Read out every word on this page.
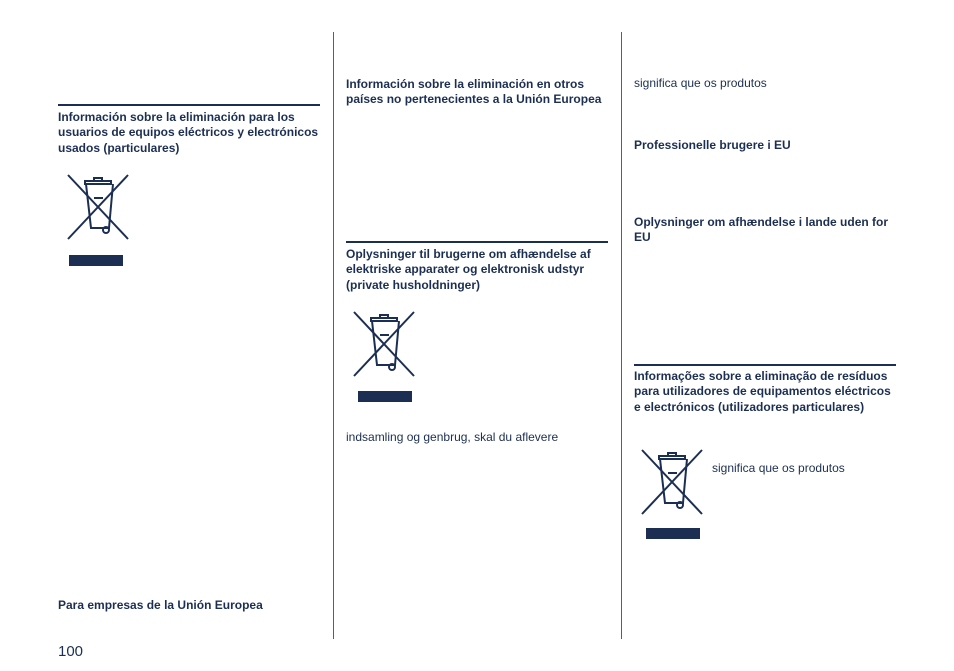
Información sobre la eliminación para los usuarios de equipos eléctricos y electrónicos usados (particulares)

Para empresas de la Unión Europea

100

Información sobre la eliminación en otros países no pertenecientes a la Unión Europea

Oplysninger til brugerne om afhændelse af elektriske apparater og elektronisk udstyr (private husholdninger)

indsamling og genbrug, skal du aflevere

significa que os produtos

Professionelle brugere i EU

Oplysninger om afhændelse i lande uden for EU

Informações sobre a eliminação de resíduos para utilizadores de equipamentos eléctricos e electrónicos (utilizadores particulares)

significa que os produtos
